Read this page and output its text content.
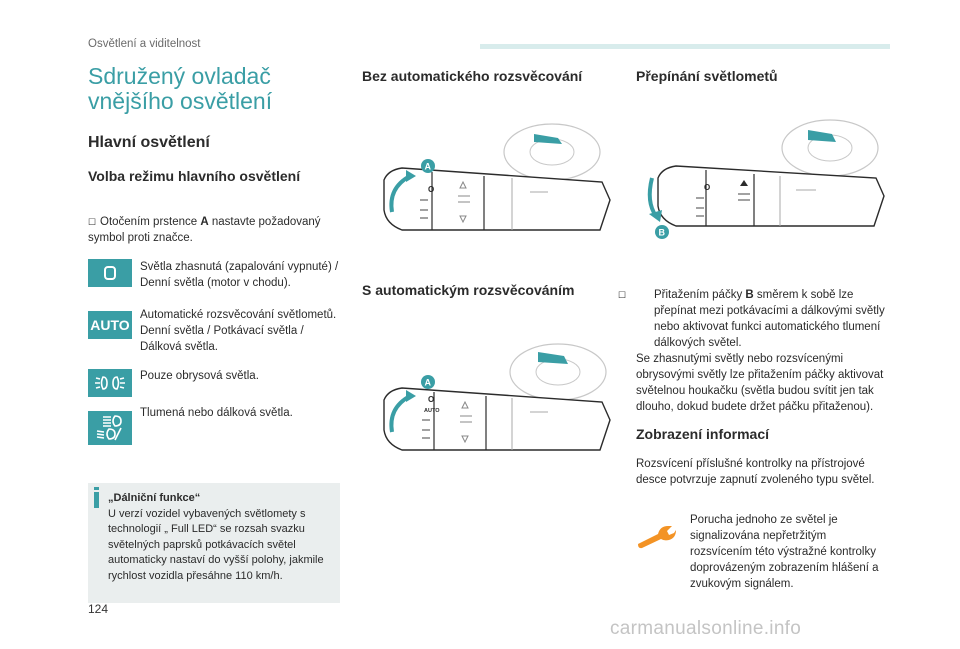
Osvětlení a viditelnost
Sdružený ovladač vnějšího osvětlení
Hlavní osvětlení
Volba režimu hlavního osvětlení
☐ Otočením prstence A nastavte požadovaný symbol proti značce.
Světla zhasnutá (zapalování vypnuté) /
Denní světla (motor v chodu).
AUTO
Automatické rozsvěcování světlometů.
Denní světla / Potkávací světla / Dálková světla.
Pouze obrysová světla.
Tlumená nebo dálková světla.
„Dálniční funkce“
U verzí vozidel vybavených světlomety s technologií „ Full LED“ se rozsah svazku světelných paprsků potkávacích světel automaticky nastaví do vyšší polohy, jakmile rychlost vozidla přesáhne 110 km/h.
Bez automatického rozsvěcování
O
A
S automatickým rozsvěcováním
O
AUTO
A
Přepínání světlometů
O
B
☐ Přitažením páčky B směrem k sobě lze přepínat mezi potkávacími a dálkovými světly nebo aktivovat funkci automatického tlumení dálkových světel.
Se zhasnutými světly nebo rozsvícenými obrysovými světly lze přitažením páčky aktivovat světelnou houkačku (světla budou svítit jen tak dlouho, dokud budete držet páčku přitaženou).
Zobrazení informací
Rozsvícení příslušné kontrolky na přístrojové desce potvrzuje zapnutí zvoleného typu světel.
Porucha jednoho ze světel je signalizována nepřetržitým rozsvícením této výstražné kontrolky doprovázeným zobrazením hlášení a zvukovým signálem.
124
carmanualsonline.info
